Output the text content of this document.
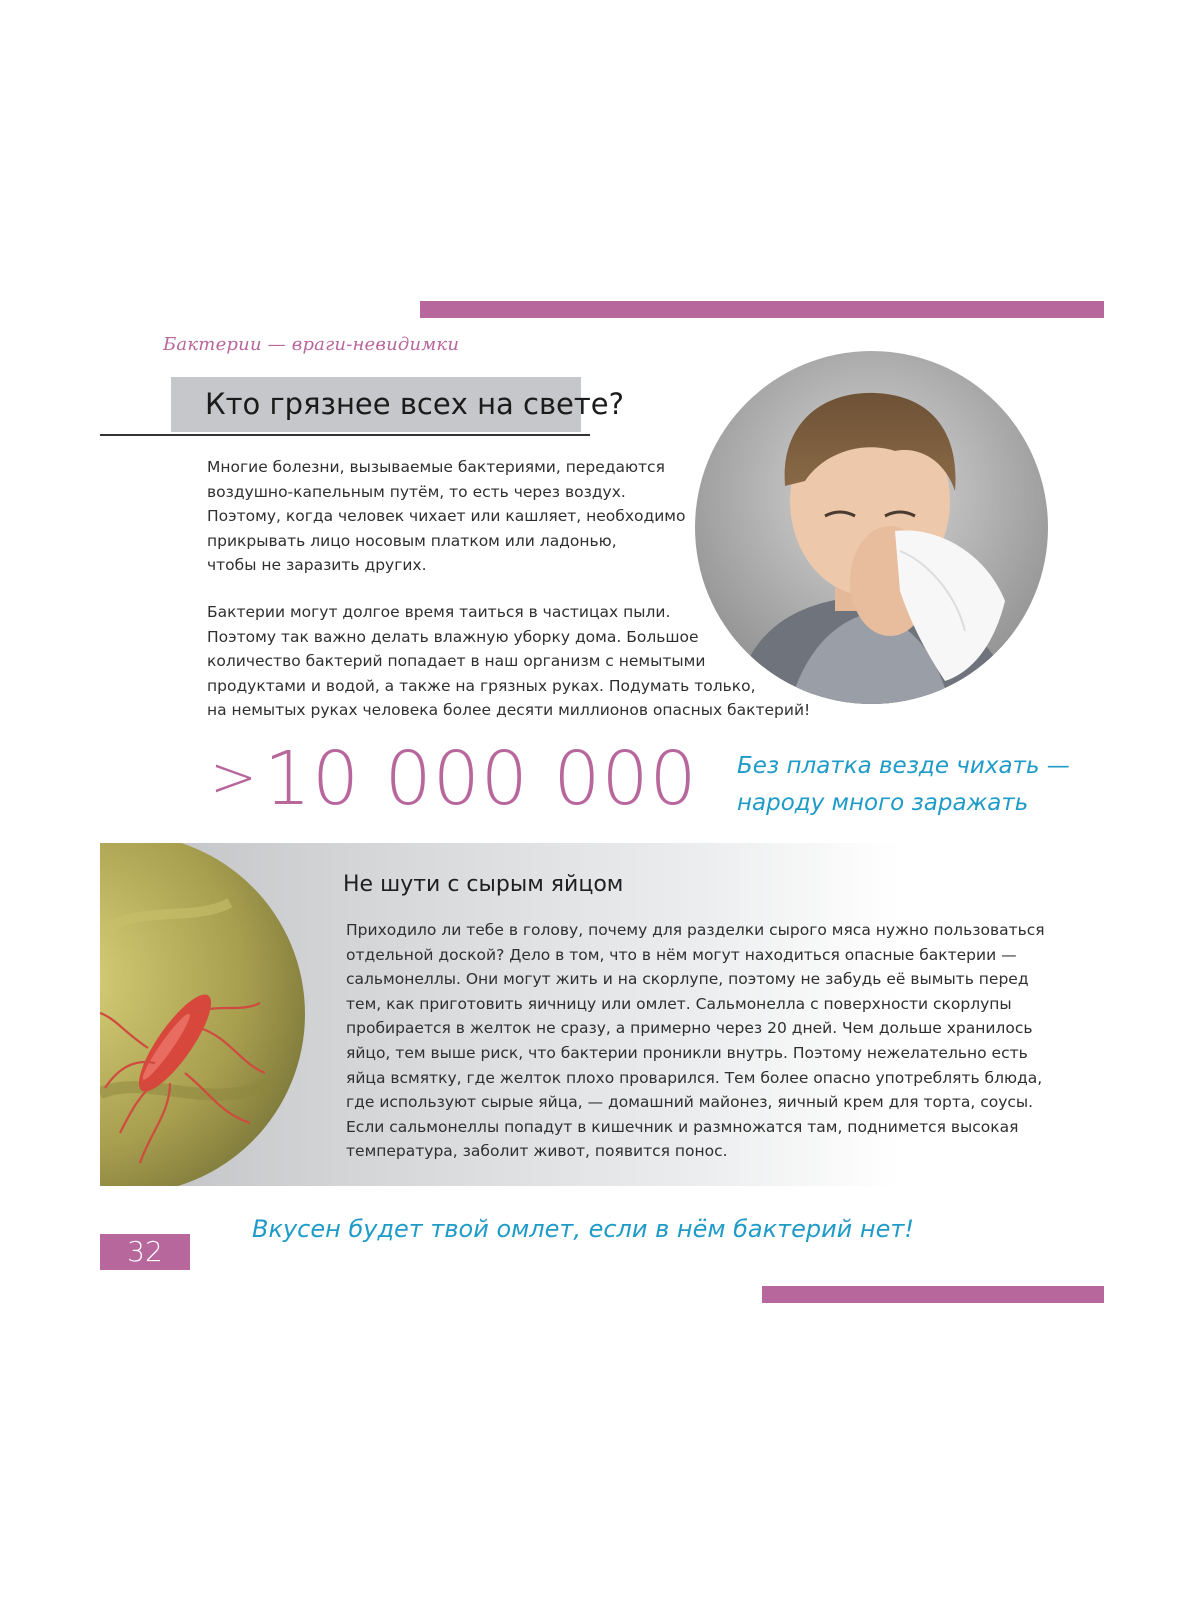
Бактерии — враги-невидимки
Кто грязнее всех на свете?

Многие болезни, вызываемые бактериями, передаются

воздушно-капельным путём, то есть через воздух.

Поэтому, когда человек чихает или кашляет, необходимо

прикрывать лицо носовым платком или ладонью,

чтобы не заразить других.

Бактерии могут долгое время таиться в частицах пыли.

Поэтому так важно делать влажную уборку дома. Большое

количество бактерий попадает в наш организм с немытыми

продуктами и водой, а также на грязных руках. Подумать только,

на немытых руках человека более десяти миллионов опасных бактерий!

>10 000 000 Без платка везде чихать —
народу много заражать
Не шути с сырым яйцом

Приходило ли тебе в голову, почему для разделки сырого мяса нужно пользоваться

отдельной доской? Дело в том, что в нём могут находиться опасные бактерии —

сальмонеллы. Они могут жить и на скорлупе, поэтому не забудь её вымыть перед

тем, как приготовить яичницу или омлет. Сальмонелла с поверхности скорлупы

пробирается в желток не сразу, а примерно через 20 дней. Чем дольше хранилось

яйцо, тем выше риск, что бактерии проникли внутрь. Поэтому нежелательно есть

яйца всмятку, где желток плохо проварился. Тем более опасно употреблять блюда,

где используют сырые яйца, — домашний майонез, яичный крем для торта, соусы.

Если сальмонеллы попадут в кишечник и размножатся там, поднимется высокая

температура, заболит живот, появится понос.

32
Вкусен будет твой омлет, если в нём бактерий нет!
